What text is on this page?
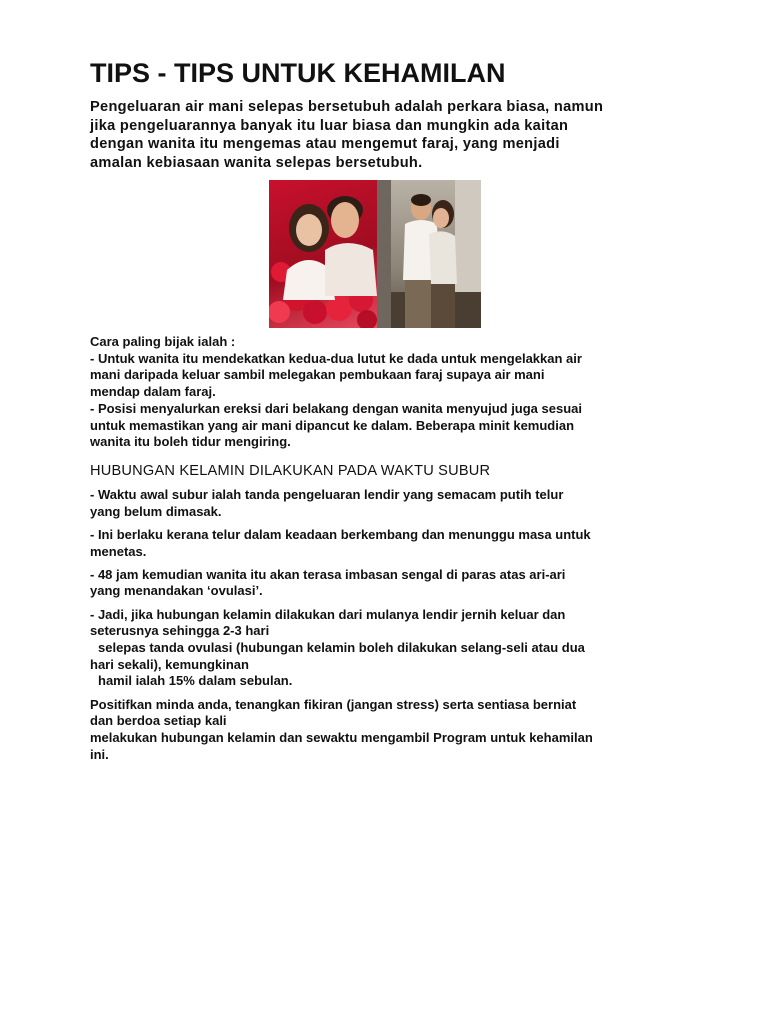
TIPS - TIPS UNTUK KEHAMILAN

Pengeluaran air mani selepas bersetubuh adalah perkara biasa, namun
jika pengeluarannya banyak itu luar biasa dan mungkin ada kaitan
dengan wanita itu mengemas atau mengemut faraj, yang menjadi
amalan kebiasaan wanita selepas bersetubuh.

Cara paling bijak ialah :
- Untuk wanita itu mendekatkan kedua-dua lutut ke dada untuk mengelakkan air
mani daripada keluar sambil melegakan pembukaan faraj supaya air mani
mendap dalam faraj.
- Posisi menyalurkan ereksi dari belakang dengan wanita menyujud juga sesuai
untuk memastikan yang air mani dipancut ke dalam. Beberapa minit kemudian
wanita itu boleh tidur mengiring.

HUBUNGAN KELAMIN DILAKUKAN PADA WAKTU SUBUR

- Waktu awal subur ialah tanda pengeluaran lendir yang semacam putih telur
yang belum dimasak.

- Ini berlaku kerana telur dalam keadaan berkembang dan menunggu masa untuk
menetas.

- 48 jam kemudian wanita itu akan terasa imbasan sengal di paras atas ari-ari
yang menandakan ‘ovulasi’.

- Jadi, jika hubungan kelamin dilakukan dari mulanya lendir jernih keluar dan
seterusnya sehingga 2-3 hari
selepas tanda ovulasi (hubungan kelamin boleh dilakukan selang-seli atau dua
hari sekali), kemungkinan
hamil ialah 15% dalam sebulan.

Positifkan minda anda, tenangkan fikiran (jangan stress) serta sentiasa berniat
dan berdoa setiap kali
melakukan hubungan kelamin dan sewaktu mengambil Program untuk kehamilan
ini.
